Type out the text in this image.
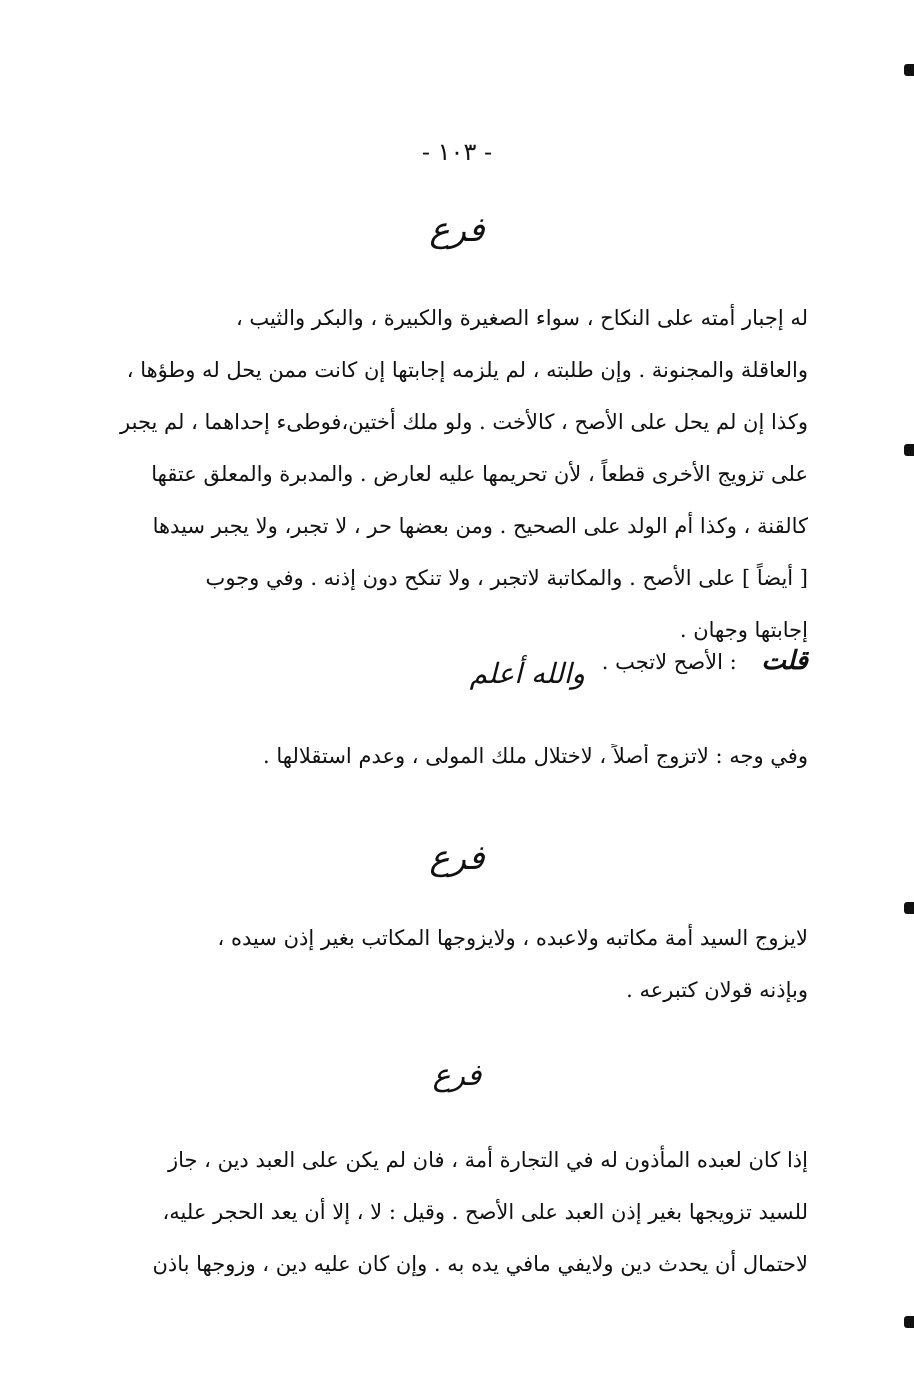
- ١٠٣ -
فرع
له إجبار أمته على النكاح ، سواء الصغيرة والكبيرة ، والبكر والثيب ،
والعاقلة والمجنونة . وإن طلبته ، لم يلزمه إجابتها إن كانت ممن يحل له وطؤها ،
وكذا إن لم يحل على الأصح ، كالأخت . ولو ملك أختين،فوطىء إحداهما ، لم يجبر
على تزويج الأخرى قطعاً ، لأن تحريمها عليه لعارض . والمدبرة والمعلق عتقها
كالقنة ، وكذا أم الولد على الصحيح . ومن بعضها حر ، لا تجبر، ولا يجبر سيدها
[ أيضاً ] على الأصح . والمكاتبة لاتجبر ، ولا تنكح دون إذنه . وفي وجوب
إجابتها وجهان .
قلت : الأصح لاتجب . والله أعلم
وفي وجه : لاتزوج أصلاً ، لاختلال ملك المولى ، وعدم استقلالها .
فرع
لايزوج السيد أمة مكاتبه ولاعبده ، ولايزوجها المكاتب بغير إذن سيده ،
وبإذنه قولان كتبرعه .
فرع
إذا كان لعبده المأذون له في التجارة أمة ، فان لم يكن على العبد دين ، جاز
للسيد تزويجها بغير إذن العبد على الأصح . وقيل : لا ، إلا أن يعد الحجر عليه،
لاحتمال أن يحدث دين ولايفي مافي يده به . وإن كان عليه دين ، وزوجها باذن
